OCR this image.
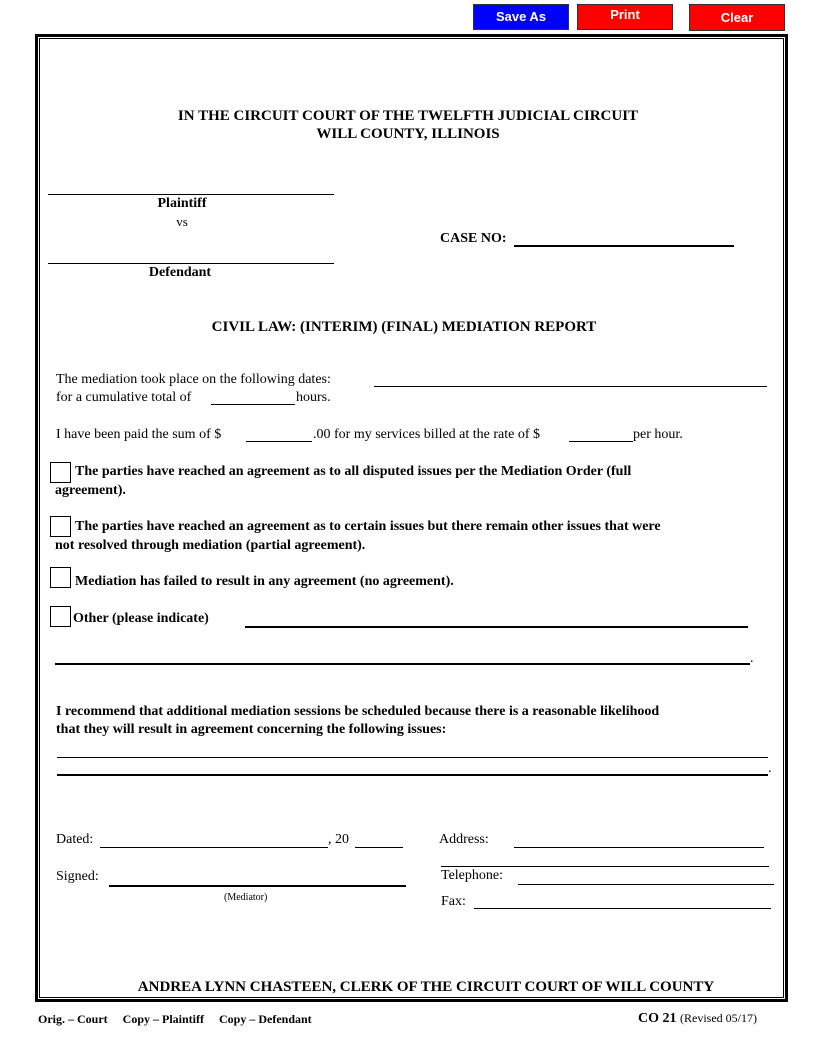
Save As	Print	Clear
IN THE CIRCUIT COURT OF THE TWELFTH JUDICIAL CIRCUIT
WILL COUNTY, ILLINOIS
Plaintiff
vs
Defendant
CASE NO:
CIVIL LAW: (INTERIM) (FINAL) MEDIATION REPORT
The mediation took place on the following dates:
for a cumulative total of	hours.
I have been paid the sum of $	.00 for my services billed at the rate of $	per hour.
The parties have reached an agreement as to all disputed issues per the Mediation Order (full
agreement).
The parties have reached an agreement as to certain issues but there remain other issues that were
not resolved through mediation (partial agreement).
Mediation has failed to result in any agreement (no agreement).
Other (please indicate)
.
I recommend that additional mediation sessions be scheduled because there is a reasonable likelihood
that they will result in agreement concerning the following issues:
.
Dated:	, 20
Signed:
(Mediator)
Address:
Telephone:
Fax:
ANDREA LYNN CHASTEEN, CLERK OF THE CIRCUIT COURT OF WILL COUNTY
Orig. – Court     Copy – Plaintiff     Copy – Defendant	CO 21 (Revised 05/17)
